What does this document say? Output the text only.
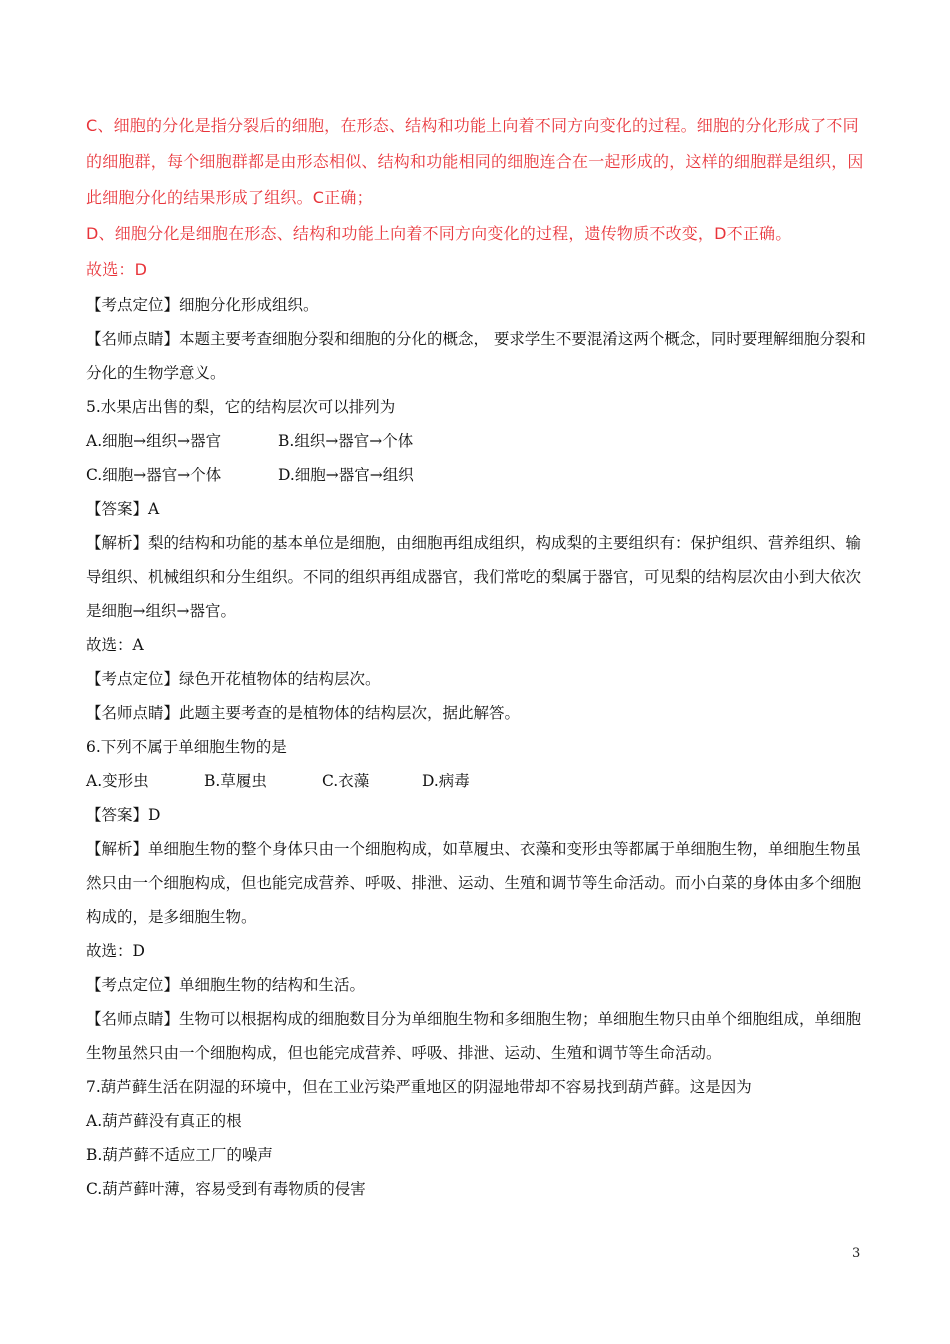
C、细胞的分化是指分裂后的细胞，在形态、结构和功能上向着不同方向变化的过程。细胞的分化形成了不同的细胞群，每个细胞群都是由形态相似、结构和功能相同的细胞连合在一起形成的，这样的细胞群是组织，因此细胞分化的结果形成了组织。C正确；

D、细胞分化是细胞在形态、结构和功能上向着不同方向变化的过程，遗传物质不改变，D不正确。

故选：D

【考点定位】细胞分化形成组织。

【名师点睛】本题主要考查细胞分裂和细胞的分化的概念， 要求学生不要混淆这两个概念，同时要理解细胞分裂和分化的生物学意义。

5.水果店出售的梨，它的结构层次可以排列为

A.细胞→组织→器官	B.组织→器官→个体
C.细胞→器官→个体	D.细胞→器官→组织

【答案】A

【解析】梨的结构和功能的基本单位是细胞，由细胞再组成组织，构成梨的主要组织有：保护组织、营养组织、输导组织、机械组织和分生组织。不同的组织再组成器官，我们常吃的梨属于器官，可见梨的结构层次由小到大依次是细胞→组织→器官。

故选：A

【考点定位】绿色开花植物体的结构层次。

【名师点睛】此题主要考查的是植物体的结构层次，据此解答。

6.下列不属于单细胞生物的是

A.变形虫	B.草履虫	C.衣藻	D.病毒

【答案】D

【解析】单细胞生物的整个身体只由一个细胞构成，如草履虫、衣藻和变形虫等都属于单细胞生物，单细胞生物虽然只由一个细胞构成，但也能完成营养、呼吸、排泄、运动、生殖和调节等生命活动。而小白菜的身体由多个细胞构成的，是多细胞生物。

故选：D

【考点定位】单细胞生物的结构和生活。

【名师点睛】生物可以根据构成的细胞数目分为单细胞生物和多细胞生物；单细胞生物只由单个细胞组成，单细胞生物虽然只由一个细胞构成，但也能完成营养、呼吸、排泄、运动、生殖和调节等生命活动。

7.葫芦藓生活在阴湿的环境中，但在工业污染严重地区的阴湿地带却不容易找到葫芦藓。这是因为

A.葫芦藓没有真正的根

B.葫芦藓不适应工厂的噪声

C.葫芦藓叶薄，容易受到有毒物质的侵害

3
